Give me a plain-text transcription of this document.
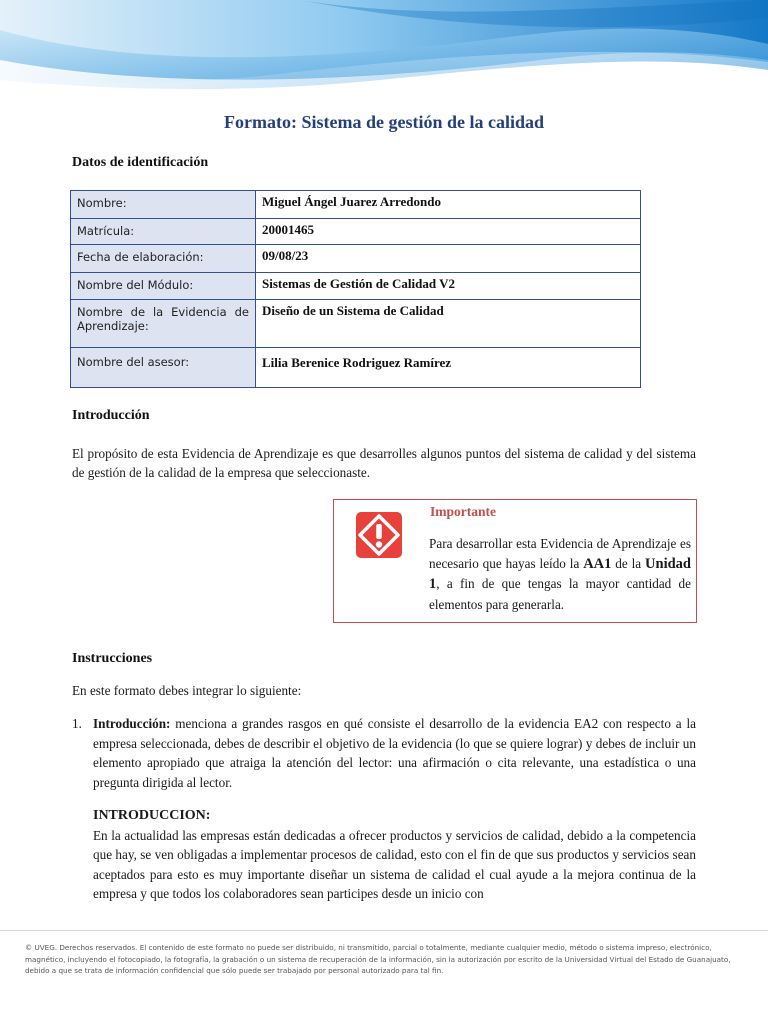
Formato: Sistema de gestión de la calidad
Datos de identificación
Nombre:	Miguel Ángel Juarez Arredondo
Matrícula:	20001465
Fecha de elaboración:	09/08/23
Nombre del Módulo:	Sistemas de Gestión de Calidad V2
Nombre de la Evidencia de Aprendizaje:	Diseño de un Sistema de Calidad
Nombre del asesor:	Lilia Berenice Rodriguez Ramírez
Introducción
El propósito de esta Evidencia de Aprendizaje es que desarrolles algunos puntos del sistema de calidad y del sistema de gestión de la calidad de la empresa que seleccionaste.
Importante
Para desarrollar esta Evidencia de Aprendizaje es necesario que hayas leído la AA1 de la Unidad 1, a fin de que tengas la mayor cantidad de elementos para generarla.
Instrucciones
En este formato debes integrar lo siguiente:
1. Introducción: menciona a grandes rasgos en qué consiste el desarrollo de la evidencia EA2 con respecto a la empresa seleccionada, debes de describir el objetivo de la evidencia (lo que se quiere lograr) y debes de incluir un elemento apropiado que atraiga la atención del lector: una afirmación o cita relevante, una estadística o una pregunta dirigida al lector.
INTRODUCCION:
En la actualidad las empresas están dedicadas a ofrecer productos y servicios de calidad, debido a la competencia que hay, se ven obligadas a implementar procesos de calidad, esto con el fin de que sus productos y servicios sean aceptados para esto es muy importante diseñar un sistema de calidad el cual ayude a la mejora continua de la empresa y que todos los colaboradores sean participes desde un inicio con
© UVEG. Derechos reservados. El contenido de este formato no puede ser distribuido, ni transmitido, parcial o totalmente, mediante cualquier medio, método o sistema impreso, electrónico, magnético, incluyendo el fotocopiado, la fotografía, la grabación o un sistema de recuperación de la información, sin la autorización por escrito de la Universidad Virtual del Estado de Guanajuato, debido a que se trata de información confidencial que sólo puede ser trabajado por personal autorizado para tal fin.
